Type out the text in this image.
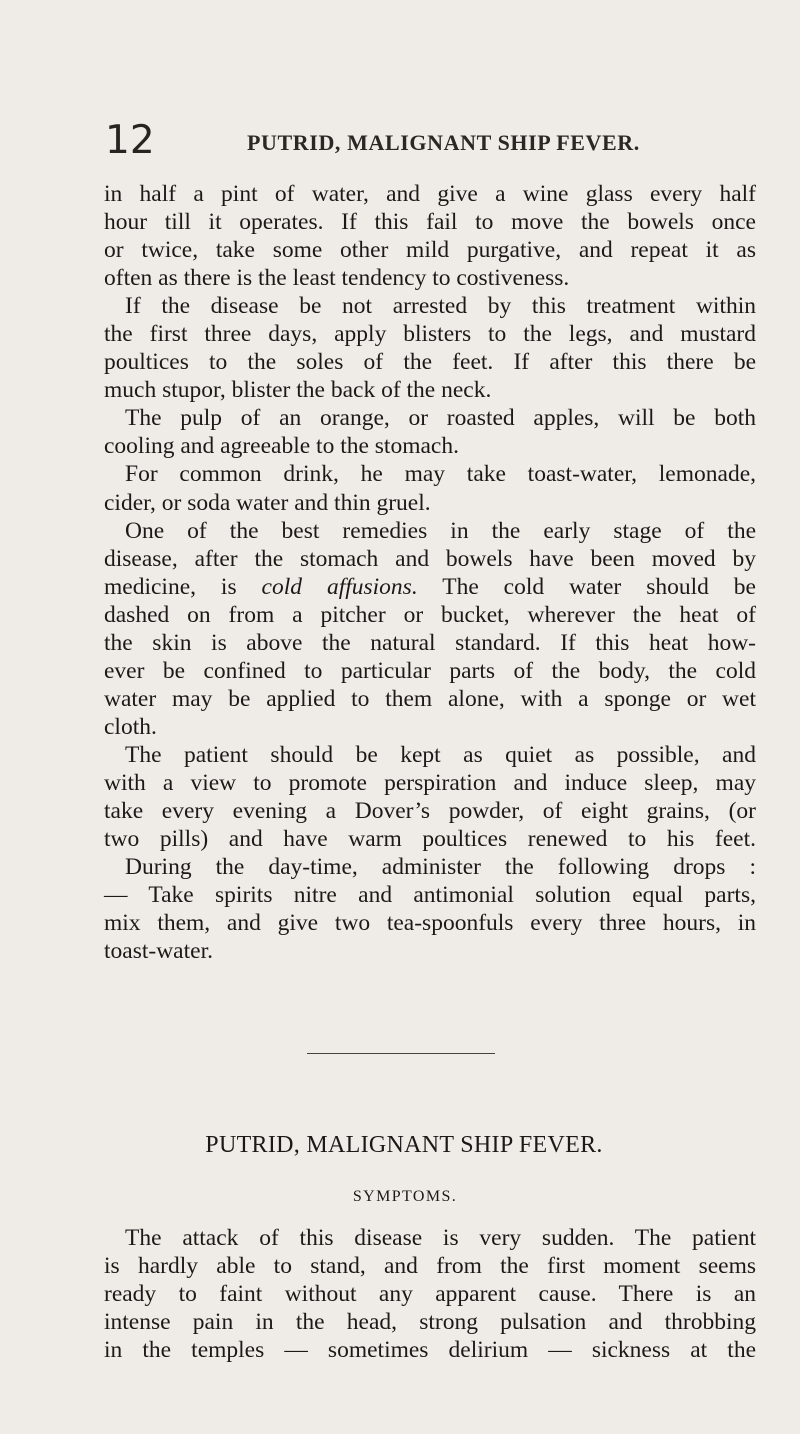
12	PUTRID, MALIGNANT SHIP FEVER.
in half a pint of water, and give a wine glass every half
hour till it operates. If this fail to move the bowels once
or twice, take some other mild purgative, and repeat it as
often as there is the least tendency to costiveness.
If the disease be not arrested by this treatment within
the first three days, apply blisters to the legs, and mustard
poultices to the soles of the feet. If after this there be
much stupor, blister the back of the neck.
The pulp of an orange, or roasted apples, will be both
cooling and agreeable to the stomach.
For common drink, he may take toast-water, lemonade,
cider, or soda water and thin gruel.
One of the best remedies in the early stage of the
disease, after the stomach and bowels have been moved by
medicine, is cold affusions. The cold water should be
dashed on from a pitcher or bucket, wherever the heat of
the skin is above the natural standard. If this heat how-
ever be confined to particular parts of the body, the cold
water may be applied to them alone, with a sponge or wet
cloth.
The patient should be kept as quiet as possible, and
with a view to promote perspiration and induce sleep, may
take every evening a Dover’s powder, of eight grains, (or
two pills) and have warm poultices renewed to his feet.
During the day-time, administer the following drops :
— Take spirits nitre and antimonial solution equal parts,
mix them, and give two tea-spoonfuls every three hours, in
toast-water.
PUTRID, MALIGNANT SHIP FEVER.
SYMPTOMS.
The attack of this disease is very sudden. The patient
is hardly able to stand, and from the first moment seems
ready to faint without any apparent cause. There is an
intense pain in the head, strong pulsation and throbbing
in the temples — sometimes delirium — sickness at the
